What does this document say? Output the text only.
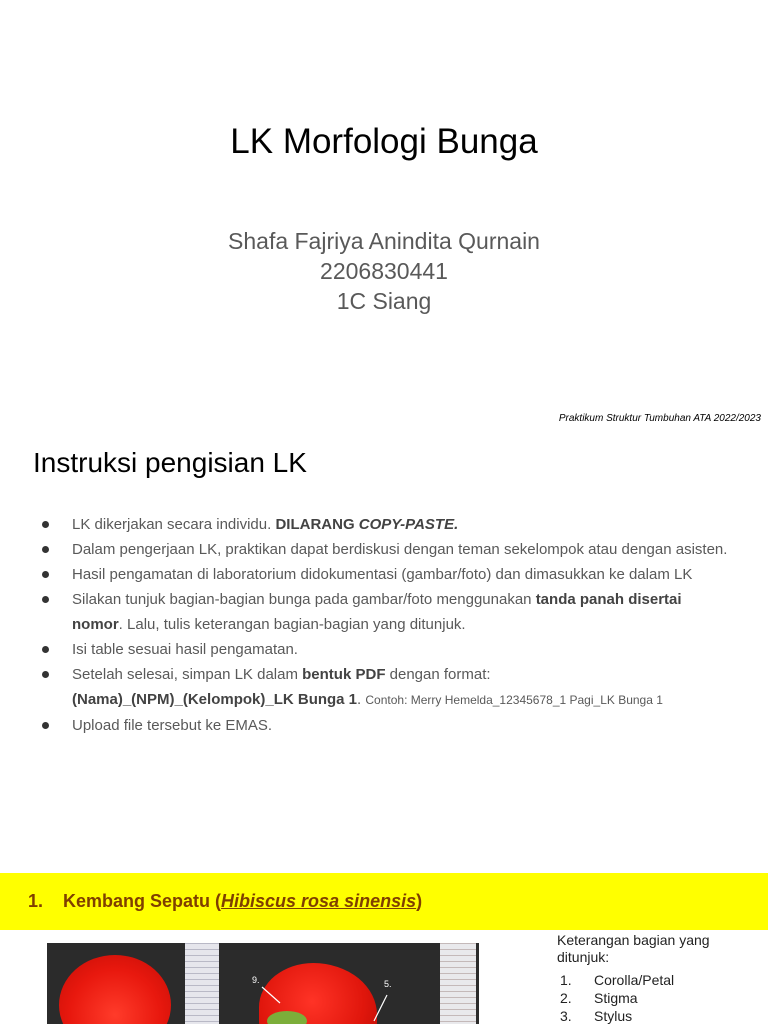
LK Morfologi Bunga
Shafa Fajriya Anindita Qurnain
2206830441
1C Siang
Praktikum Struktur Tumbuhan ATA 2022/2023
Instruksi pengisian LK
LK dikerjakan secara individu. DILARANG COPY-PASTE.
Dalam pengerjaan LK, praktikan dapat berdiskusi dengan teman sekelompok atau dengan asisten.
Hasil pengamatan di laboratorium didokumentasi (gambar/foto) dan dimasukkan ke dalam LK
Silakan tunjuk bagian-bagian bunga pada gambar/foto menggunakan tanda panah disertai nomor. Lalu, tulis keterangan bagian-bagian yang ditunjuk.
Isi table sesuai hasil pengamatan.
Setelah selesai, simpan LK dalam bentuk PDF dengan format:
(Nama)_(NPM)_(Kelompok)_LK Bunga 1. Contoh: Merry Hemelda_12345678_1 Pagi_LK Bunga 1
Upload file tersebut ke EMAS.
1. Kembang Sepatu (Hibiscus rosa sinensis)
9.	5.
Keterangan bagian yang ditunjuk:
1. Corolla/Petal
2. Stigma
3. Stylus
